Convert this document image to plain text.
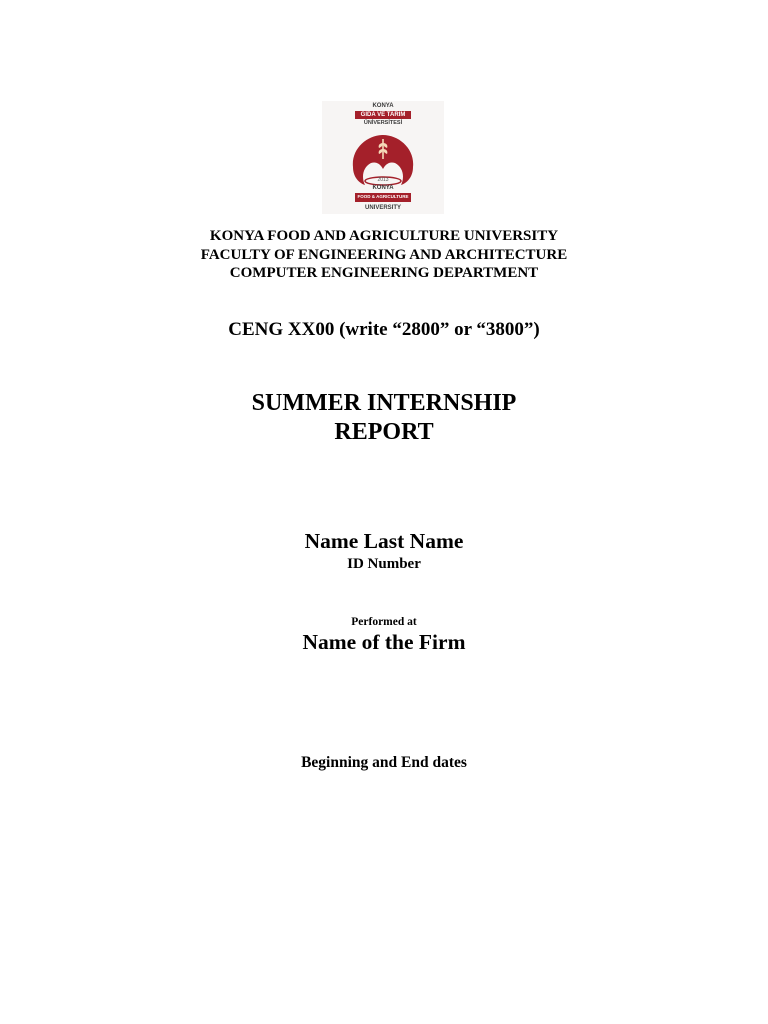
KONYA
GIDA VE TARIM
ÜNİVERSİTESİ
2013
KONYA
FOOD & AGRICULTURE
UNIVERSITY
KONYA FOOD AND AGRICULTURE UNIVERSITY
FACULTY OF ENGINEERING AND ARCHITECTURE
COMPUTER ENGINEERING DEPARTMENT
CENG XX00 (write “2800” or “3800”)
SUMMER INTERNSHIP
REPORT
Name Last Name
ID Number
Performed at
Name of the Firm
Beginning and End dates
